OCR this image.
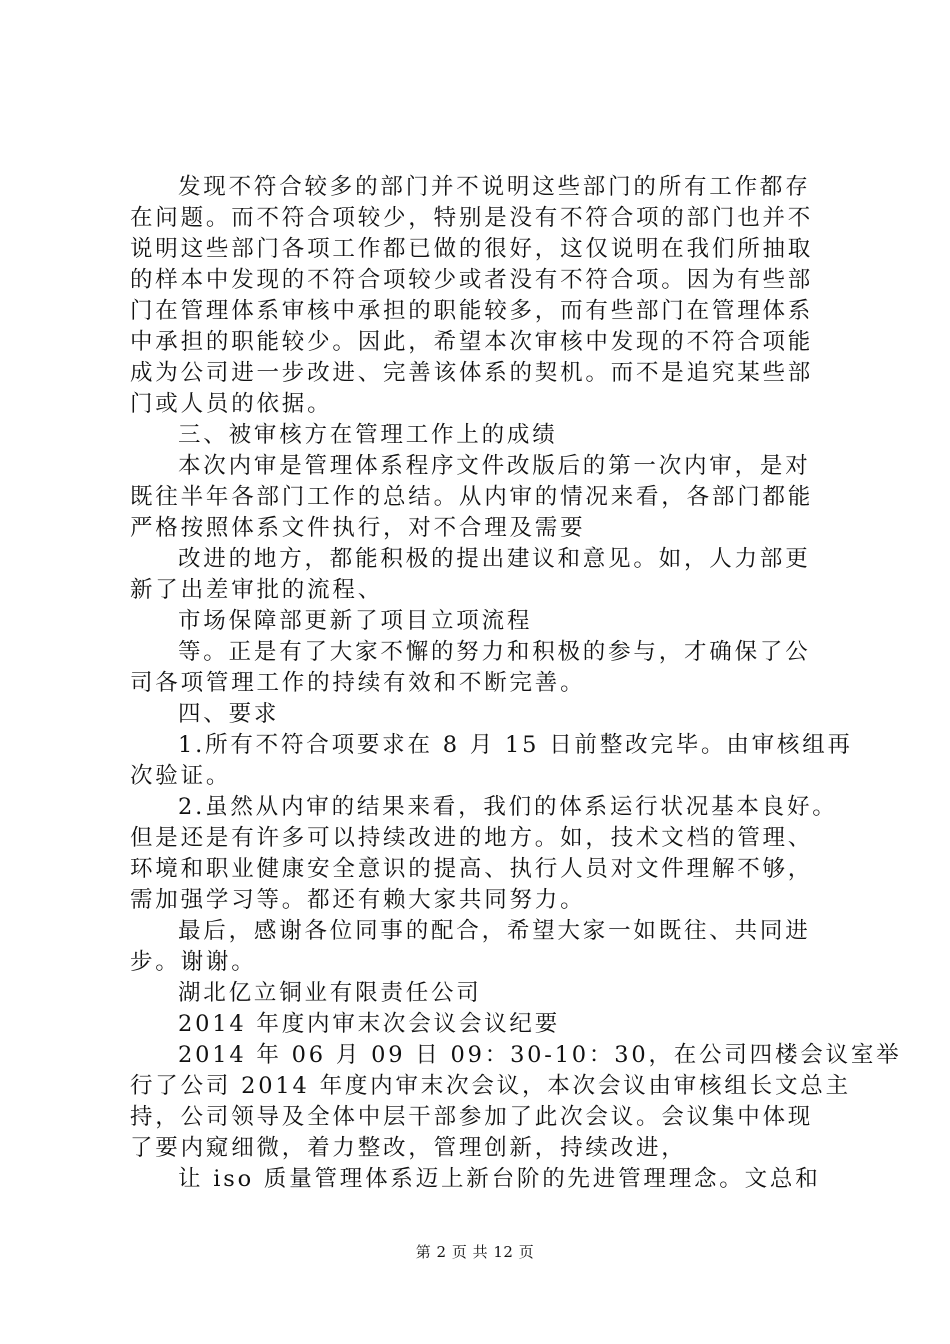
发现不符合较多的部门并不说明这些部门的所有工作都存
在问题。而不符合项较少，特别是没有不符合项的部门也并不
说明这些部门各项工作都已做的很好，这仅说明在我们所抽取
的样本中发现的不符合项较少或者没有不符合项。因为有些部
门在管理体系审核中承担的职能较多，而有些部门在管理体系
中承担的职能较少。因此，希望本次审核中发现的不符合项能
成为公司进一步改进、完善该体系的契机。而不是追究某些部
门或人员的依据。
三、被审核方在管理工作上的成绩
本次内审是管理体系程序文件改版后的第一次内审，是对
既往半年各部门工作的总结。从内审的情况来看，各部门都能
严格按照体系文件执行，对不合理及需要
改进的地方，都能积极的提出建议和意见。如，人力部更
新了出差审批的流程、
市场保障部更新了项目立项流程
等。正是有了大家不懈的努力和积极的参与，才确保了公
司各项管理工作的持续有效和不断完善。
四、要求
1.所有不符合项要求在 8 月 15 日前整改完毕。由审核组再
次验证。
2.虽然从内审的结果来看，我们的体系运行状况基本良好。
但是还是有许多可以持续改进的地方。如，技术文档的管理、
环境和职业健康安全意识的提高、执行人员对文件理解不够，
需加强学习等。都还有赖大家共同努力。
最后，感谢各位同事的配合，希望大家一如既往、共同进
步。谢谢。
湖北亿立铜业有限责任公司
2014 年度内审末次会议会议纪要
2014 年 06 月 09 日 09：30-10：30，在公司四楼会议室举
行了公司 2014 年度内审末次会议，本次会议由审核组长文总主
持，公司领导及全体中层干部参加了此次会议。会议集中体现
了要内窥细微，着力整改，管理创新，持续改进，
让 iso 质量管理体系迈上新台阶的先进管理理念。文总和
第 2 页 共 12 页
